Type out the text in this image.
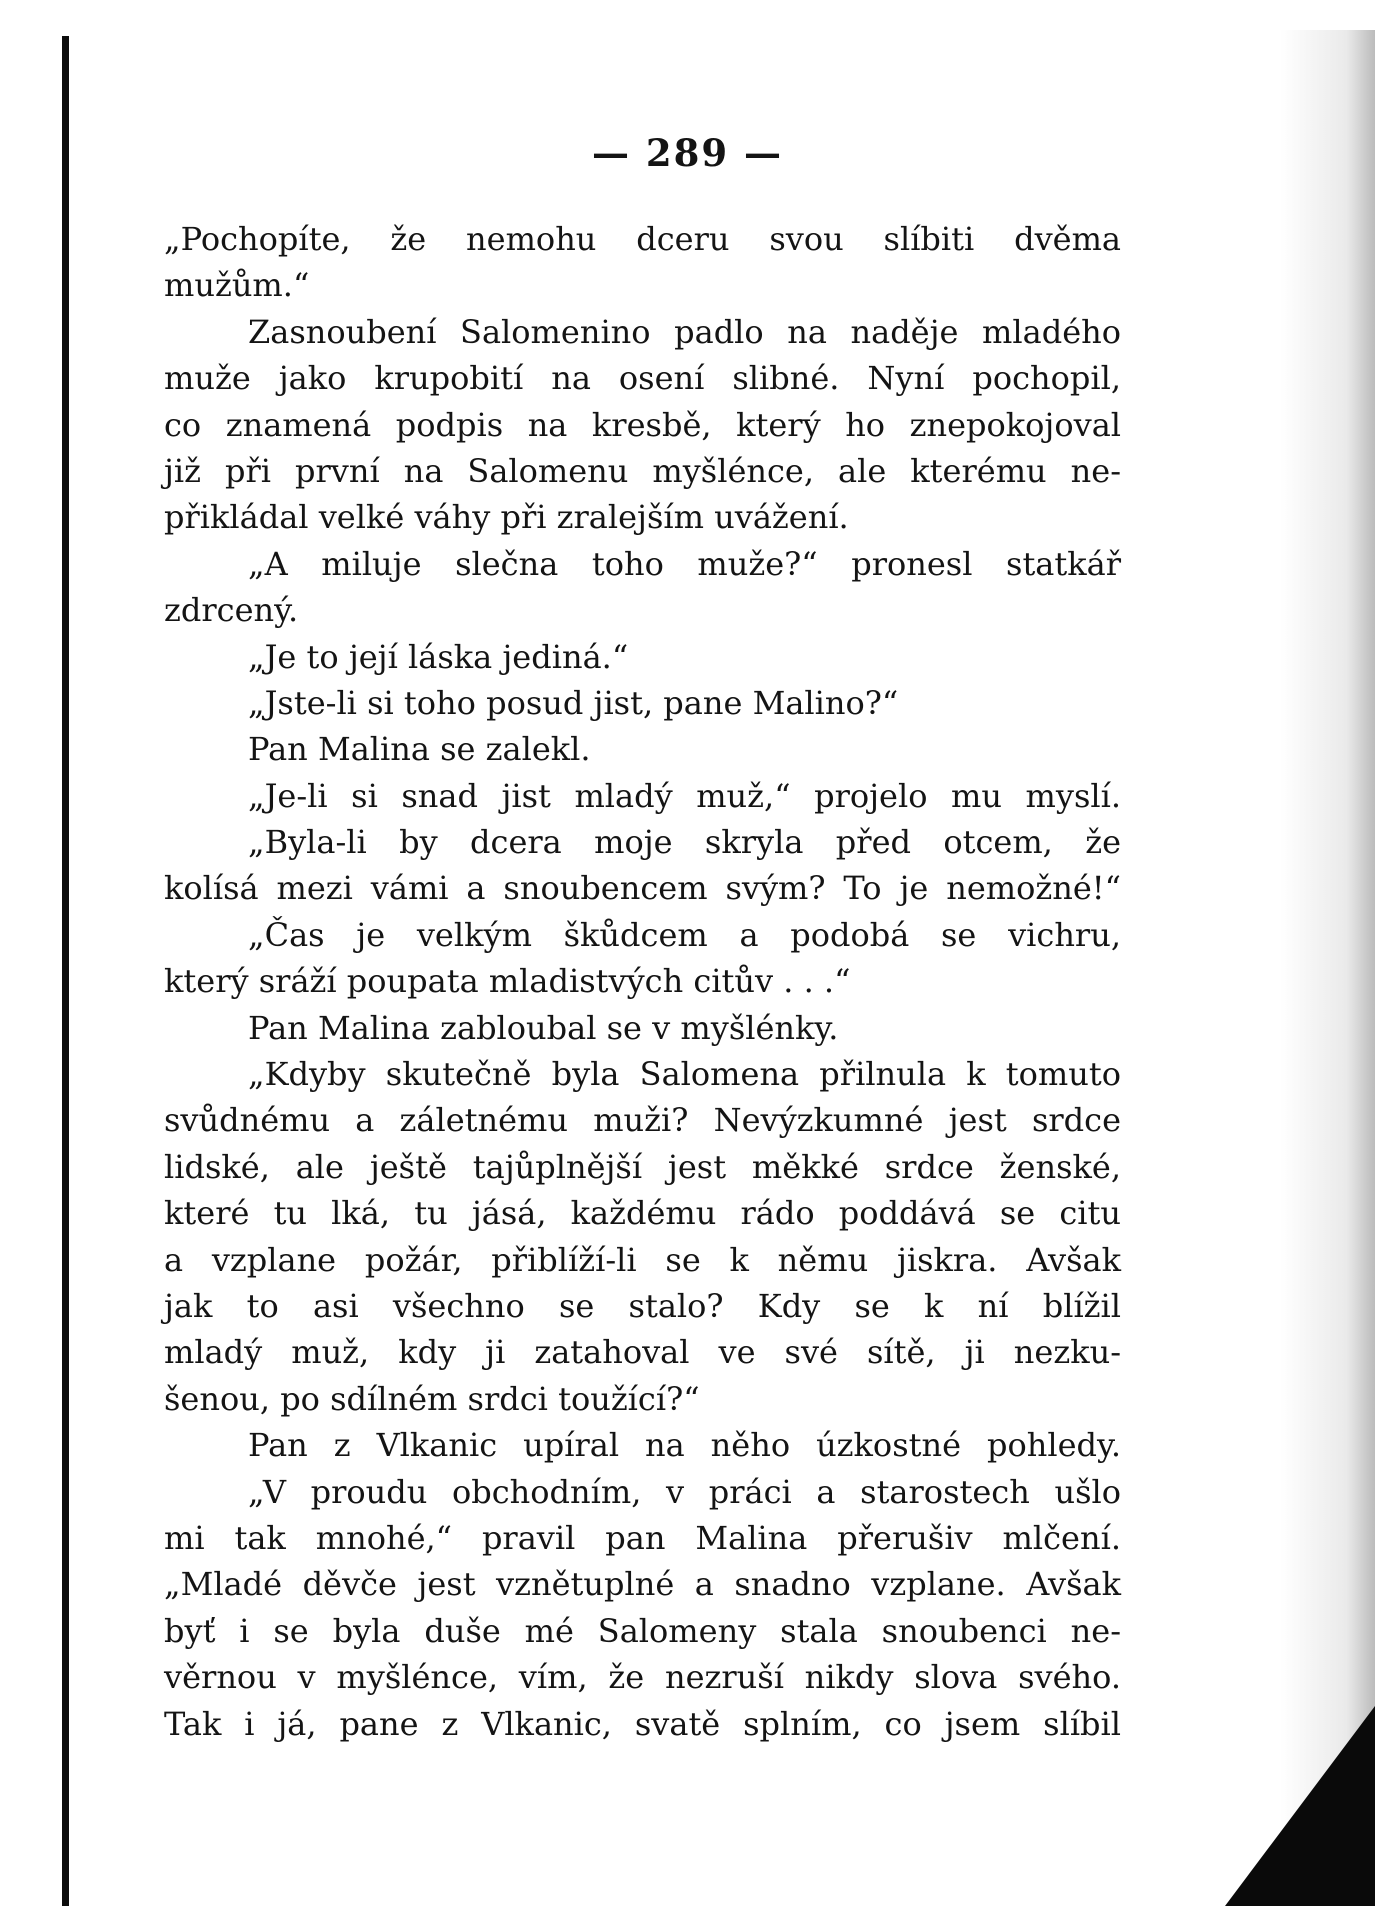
— 289 —
„Pochopíte, že nemohu dceru svou slíbiti dvěma
mužům.“
Zasnoubení Salomenino padlo na naděje mladého
muže jako krupobití na osení slibné. Nyní pochopil,
co znamená podpis na kresbě, který ho znepokojoval
již při první na Salomenu myšlénce, ale kterému ne-
přikládal velké váhy při zralejším uvážení.
„A miluje slečna toho muže?“ pronesl statkář
zdrcený.
„Je to její láska jediná.“
„Jste-li si toho posud jist, pane Malino?“
Pan Malina se zalekl.
„Je-li si snad jist mladý muž,“ projelo mu myslí.
„Byla-li by dcera moje skryla před otcem, že
kolísá mezi vámi a snoubencem svým? To je nemožné!“
„Čas je velkým škůdcem a podobá se vichru,
který sráží poupata mladistvých citův . . .“
Pan Malina zabloubal se v myšlénky.
„Kdyby skutečně byla Salomena přilnula k tomuto
svůdnému a záletnému muži? Nevýzkumné jest srdce
lidské, ale ještě tajůplnější jest měkké srdce ženské,
které tu lká, tu jásá, každému rádo poddává se citu
a vzplane požár, přiblíží-li se k němu jiskra. Avšak
jak to asi všechno se stalo? Kdy se k ní blížil
mladý muž, kdy ji zatahoval ve své sítě, ji nezku-
šenou, po sdílném srdci toužící?“
Pan z Vlkanic upíral na něho úzkostné pohledy.
„V proudu obchodním, v práci a starostech ušlo
mi tak mnohé,“ pravil pan Malina přerušiv mlčení.
„Mladé děvče jest vznětuplné a snadno vzplane. Avšak
byť i se byla duše mé Salomeny stala snoubenci ne-
věrnou v myšlénce, vím, že nezruší nikdy slova svého.
Tak i já, pane z Vlkanic, svatě splním, co jsem slíbil
